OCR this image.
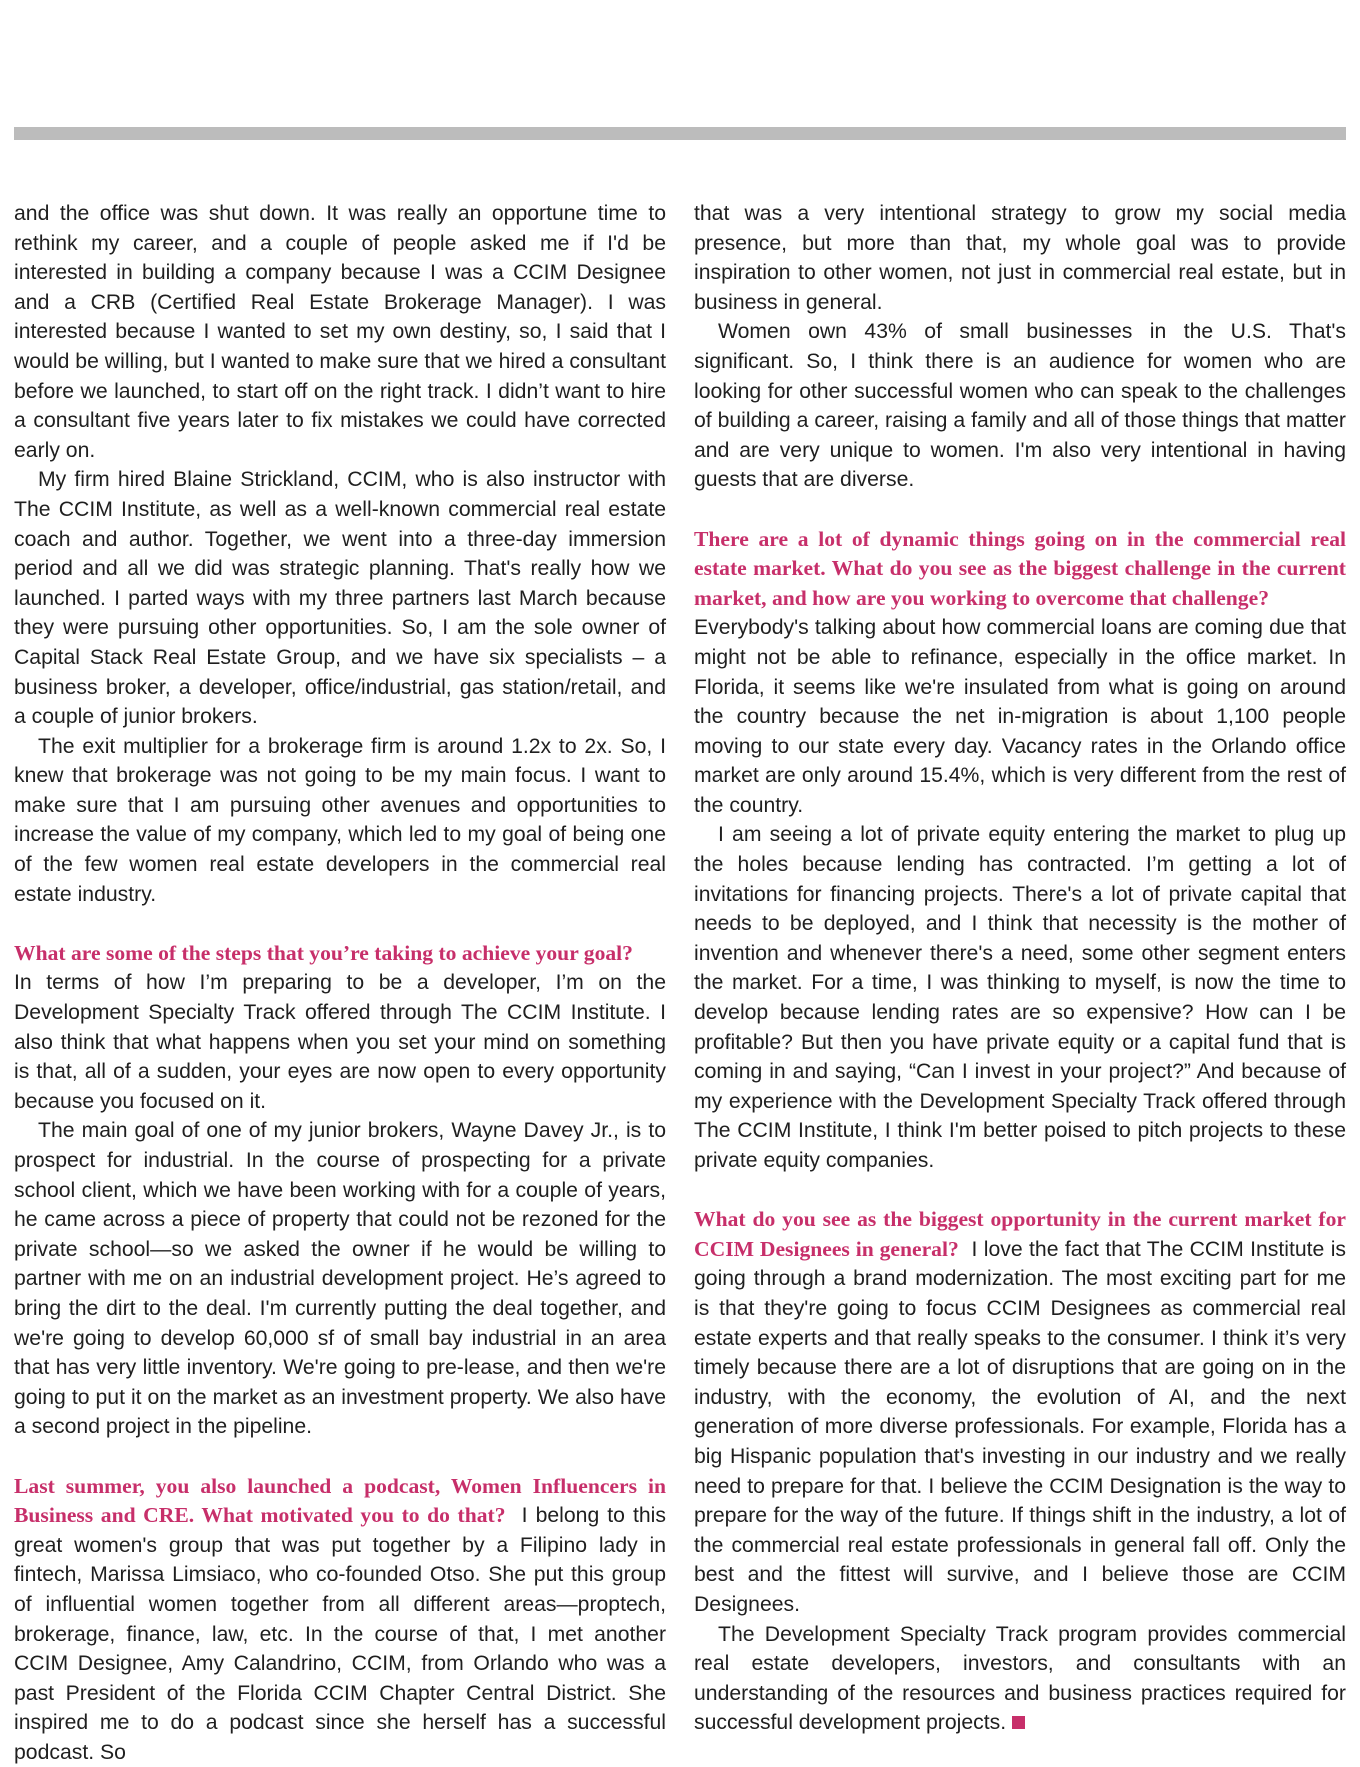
and the office was shut down. It was really an opportune time to rethink my career, and a couple of people asked me if I'd be interested in building a company because I was a CCIM Designee and a CRB (Certified Real Estate Brokerage Manager). I was interested because I wanted to set my own destiny, so, I said that I would be willing, but I wanted to make sure that we hired a consultant before we launched, to start off on the right track. I didn’t want to hire a consultant five years later to fix mistakes we could have corrected early on.

My firm hired Blaine Strickland, CCIM, who is also instructor with The CCIM Institute, as well as a well-known commercial real estate coach and author. Together, we went into a three-day immersion period and all we did was strategic planning. That's really how we launched. I parted ways with my three partners last March because they were pursuing other opportunities. So, I am the sole owner of Capital Stack Real Estate Group, and we have six specialists – a business broker, a developer, office/industrial, gas station/retail, and a couple of junior brokers.

The exit multiplier for a brokerage firm is around 1.2x to 2x. So, I knew that brokerage was not going to be my main focus. I want to make sure that I am pursuing other avenues and opportunities to increase the value of my company, which led to my goal of being one of the few women real estate developers in the commercial real estate industry.

What are some of the steps that you’re taking to achieve your goal?
In terms of how I’m preparing to be a developer, I’m on the Development Specialty Track offered through The CCIM Institute. I also think that what happens when you set your mind on something is that, all of a sudden, your eyes are now open to every opportunity because you focused on it.

The main goal of one of my junior brokers, Wayne Davey Jr., is to prospect for industrial. In the course of prospecting for a private school client, which we have been working with for a couple of years, he came across a piece of property that could not be rezoned for the private school—so we asked the owner if he would be willing to partner with me on an industrial development project. He’s agreed to bring the dirt to the deal. I'm currently putting the deal together, and we're going to develop 60,000 sf of small bay industrial in an area that has very little inventory. We're going to pre-lease, and then we're going to put it on the market as an investment property. We also have a second project in the pipeline.

Last summer, you also launched a podcast, Women Influencers in Business and CRE. What motivated you to do that? I belong to this great women's group that was put together by a Filipino lady in fintech, Marissa Limsiaco, who co-founded Otso. She put this group of influential women together from all different areas—proptech, brokerage, finance, law, etc. In the course of that, I met another CCIM Designee, Amy Calandrino, CCIM, from Orlando who was a past President of the Florida CCIM Chapter Central District. She inspired me to do a podcast since she herself has a successful podcast. So

that was a very intentional strategy to grow my social media presence, but more than that, my whole goal was to provide inspiration to other women, not just in commercial real estate, but in business in general.

Women own 43% of small businesses in the U.S. That's significant. So, I think there is an audience for women who are looking for other successful women who can speak to the challenges of building a career, raising a family and all of those things that matter and are very unique to women. I'm also very intentional in having guests that are diverse.

There are a lot of dynamic things going on in the commercial real estate market. What do you see as the biggest challenge in the current market, and how are you working to overcome that challenge?
Everybody's talking about how commercial loans are coming due that might not be able to refinance, especially in the office market. In Florida, it seems like we're insulated from what is going on around the country because the net in-migration is about 1,100 people moving to our state every day. Vacancy rates in the Orlando office market are only around 15.4%, which is very different from the rest of the country.

I am seeing a lot of private equity entering the market to plug up the holes because lending has contracted. I’m getting a lot of invitations for financing projects. There's a lot of private capital that needs to be deployed, and I think that necessity is the mother of invention and whenever there's a need, some other segment enters the market. For a time, I was thinking to myself, is now the time to develop because lending rates are so expensive? How can I be profitable? But then you have private equity or a capital fund that is coming in and saying, “Can I invest in your project?” And because of my experience with the Development Specialty Track offered through The CCIM Institute, I think I'm better poised to pitch projects to these private equity companies.

What do you see as the biggest opportunity in the current market for CCIM Designees in general? I love the fact that The CCIM Institute is going through a brand modernization. The most exciting part for me is that they're going to focus CCIM Designees as commercial real estate experts and that really speaks to the consumer. I think it’s very timely because there are a lot of disruptions that are going on in the industry, with the economy, the evolution of AI, and the next generation of more diverse professionals. For example, Florida has a big Hispanic population that's investing in our industry and we really need to prepare for that. I believe the CCIM Designation is the way to prepare for the way of the future. If things shift in the industry, a lot of the commercial real estate professionals in general fall off. Only the best and the fittest will survive, and I believe those are CCIM Designees.

The Development Specialty Track program provides commercial real estate developers, investors, and consultants with an understanding of the resources and business practices required for successful development projects.
